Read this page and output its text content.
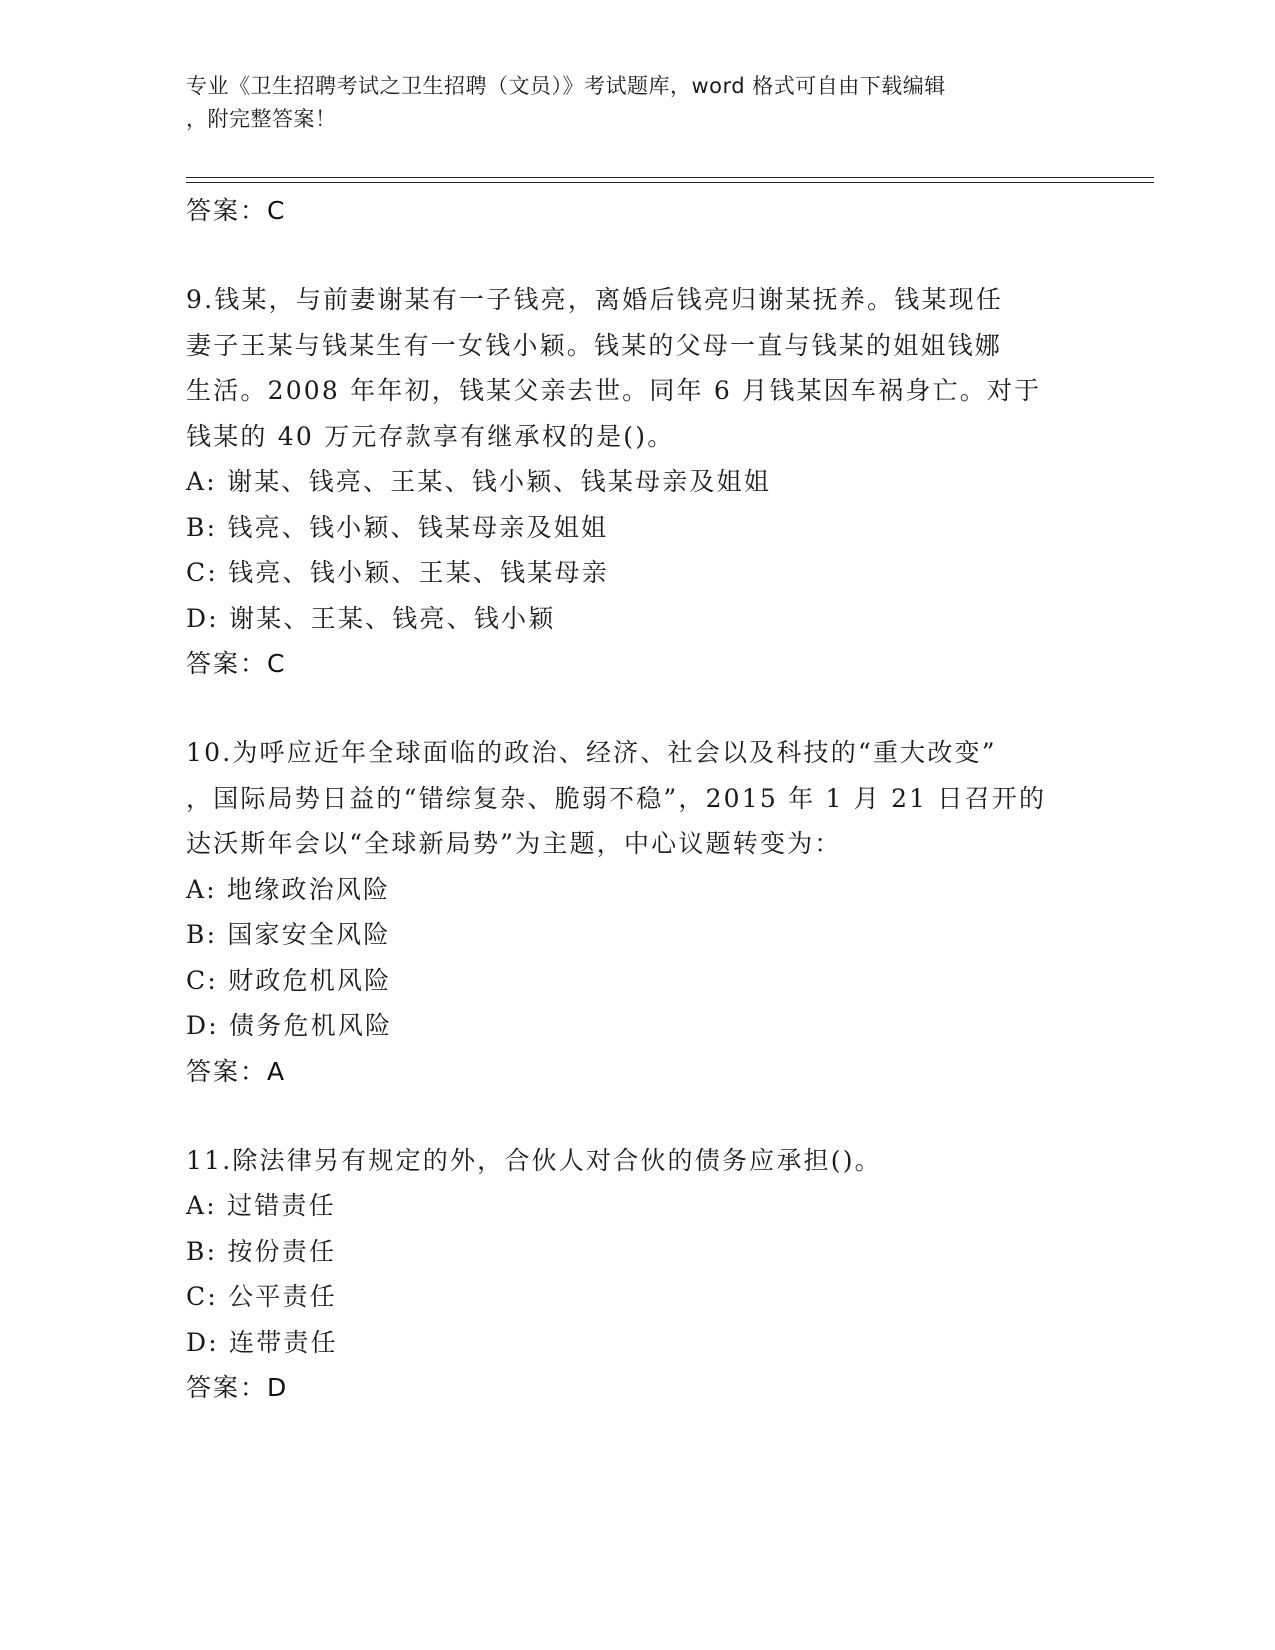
专业《卫生招聘考试之卫生招聘（文员）》考试题库，word 格式可自由下载编辑
，附完整答案！
答案：C
9.钱某，与前妻谢某有一子钱亮，离婚后钱亮归谢某抚养。钱某现任
妻子王某与钱某生有一女钱小颖。钱某的父母一直与钱某的姐姐钱娜
生活。2008 年年初，钱某父亲去世。同年 6 月钱某因车祸身亡。对于
钱某的 40 万元存款享有继承权的是()。
A: 谢某、钱亮、王某、钱小颖、钱某母亲及姐姐
B: 钱亮、钱小颖、钱某母亲及姐姐
C: 钱亮、钱小颖、王某、钱某母亲
D: 谢某、王某、钱亮、钱小颖
答案：C
10.为呼应近年全球面临的政治、经济、社会以及科技的“重大改变”
，国际局势日益的“错综复杂、脆弱不稳”，2015 年 1 月 21 日召开的
达沃斯年会以“全球新局势”为主题，中心议题转变为：
A: 地缘政治风险
B: 国家安全风险
C: 财政危机风险
D: 债务危机风险
答案：A
11.除法律另有规定的外，合伙人对合伙的债务应承担()。
A: 过错责任
B: 按份责任
C: 公平责任
D: 连带责任
答案：D
